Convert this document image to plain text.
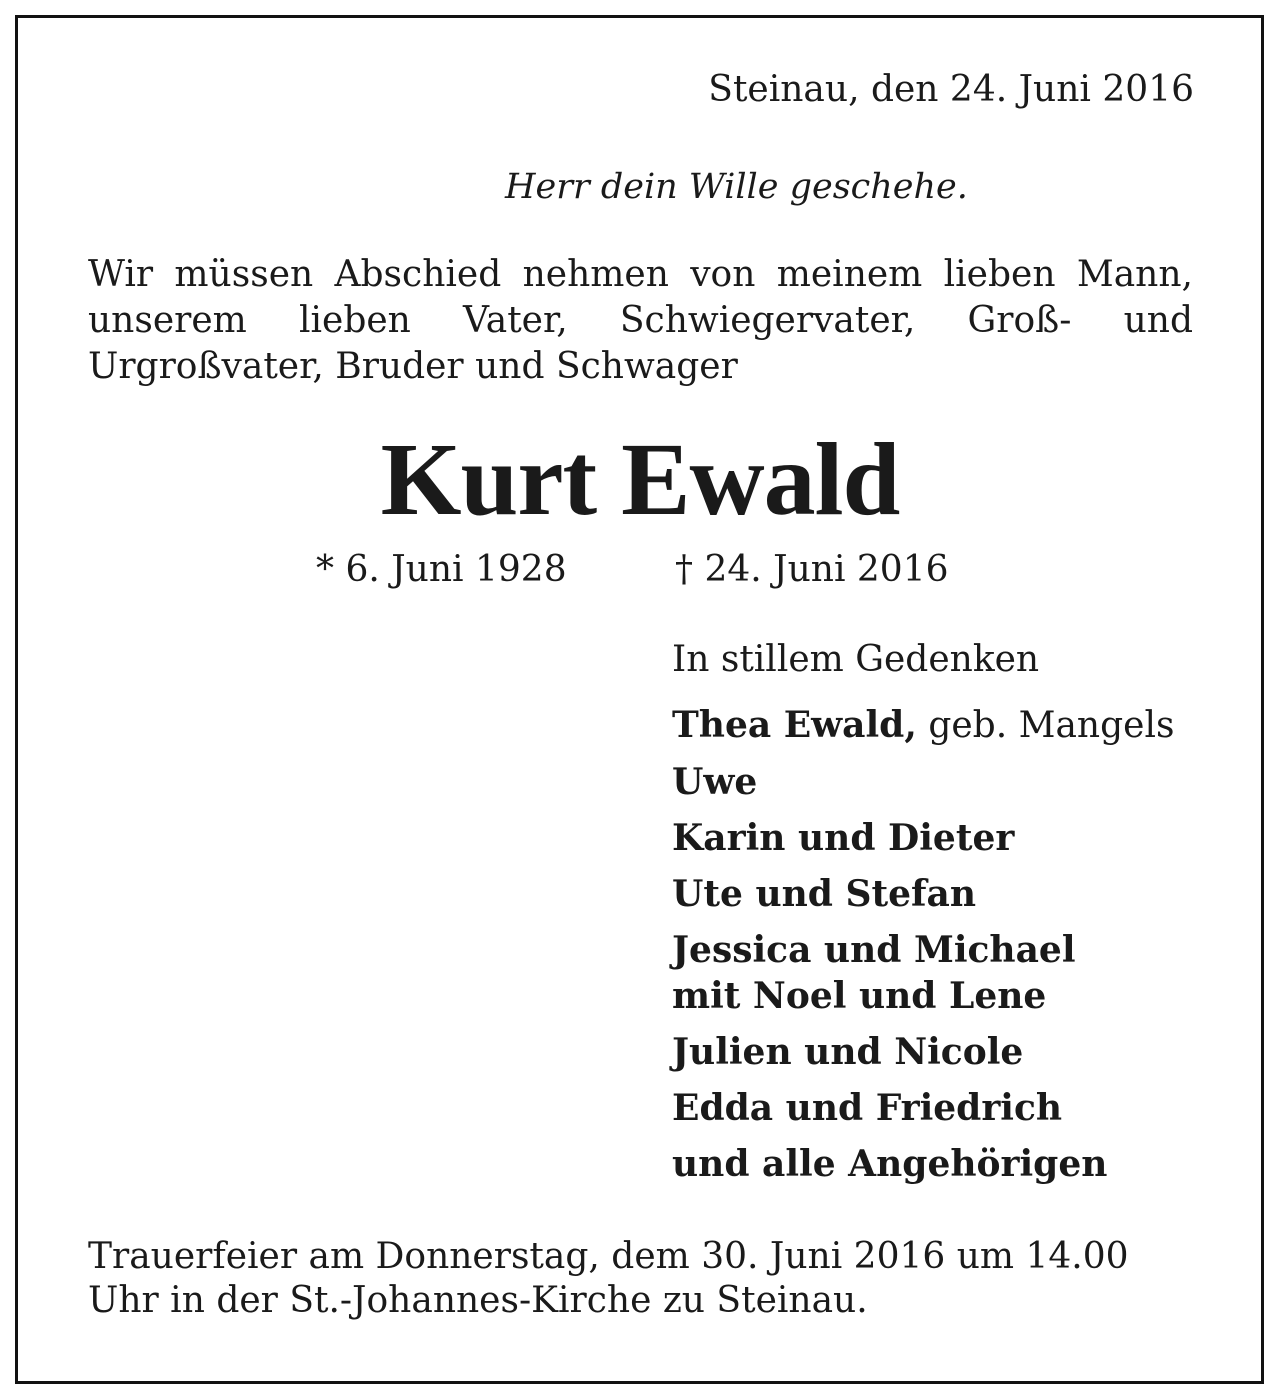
Steinau, den 24. Juni 2016
Herr dein Wille geschehe.
Wir müssen Abschied nehmen von meinem lieben Mann, unserem lieben Vater, Schwiegervater, Groß- und Urgroßvater, Bruder und Schwager
Kurt Ewald
* 6. Juni 1928	† 24. Juni 2016
In stillem Gedenken
Thea Ewald, geb. Mangels
Uwe
Karin und Dieter
Ute und Stefan
Jessica und Michael
mit Noel und Lene
Julien und Nicole
Edda und Friedrich
und alle Angehörigen
Trauerfeier am Donnerstag, dem 30. Juni 2016 um 14.00
Uhr in der St.-Johannes-Kirche zu Steinau.
